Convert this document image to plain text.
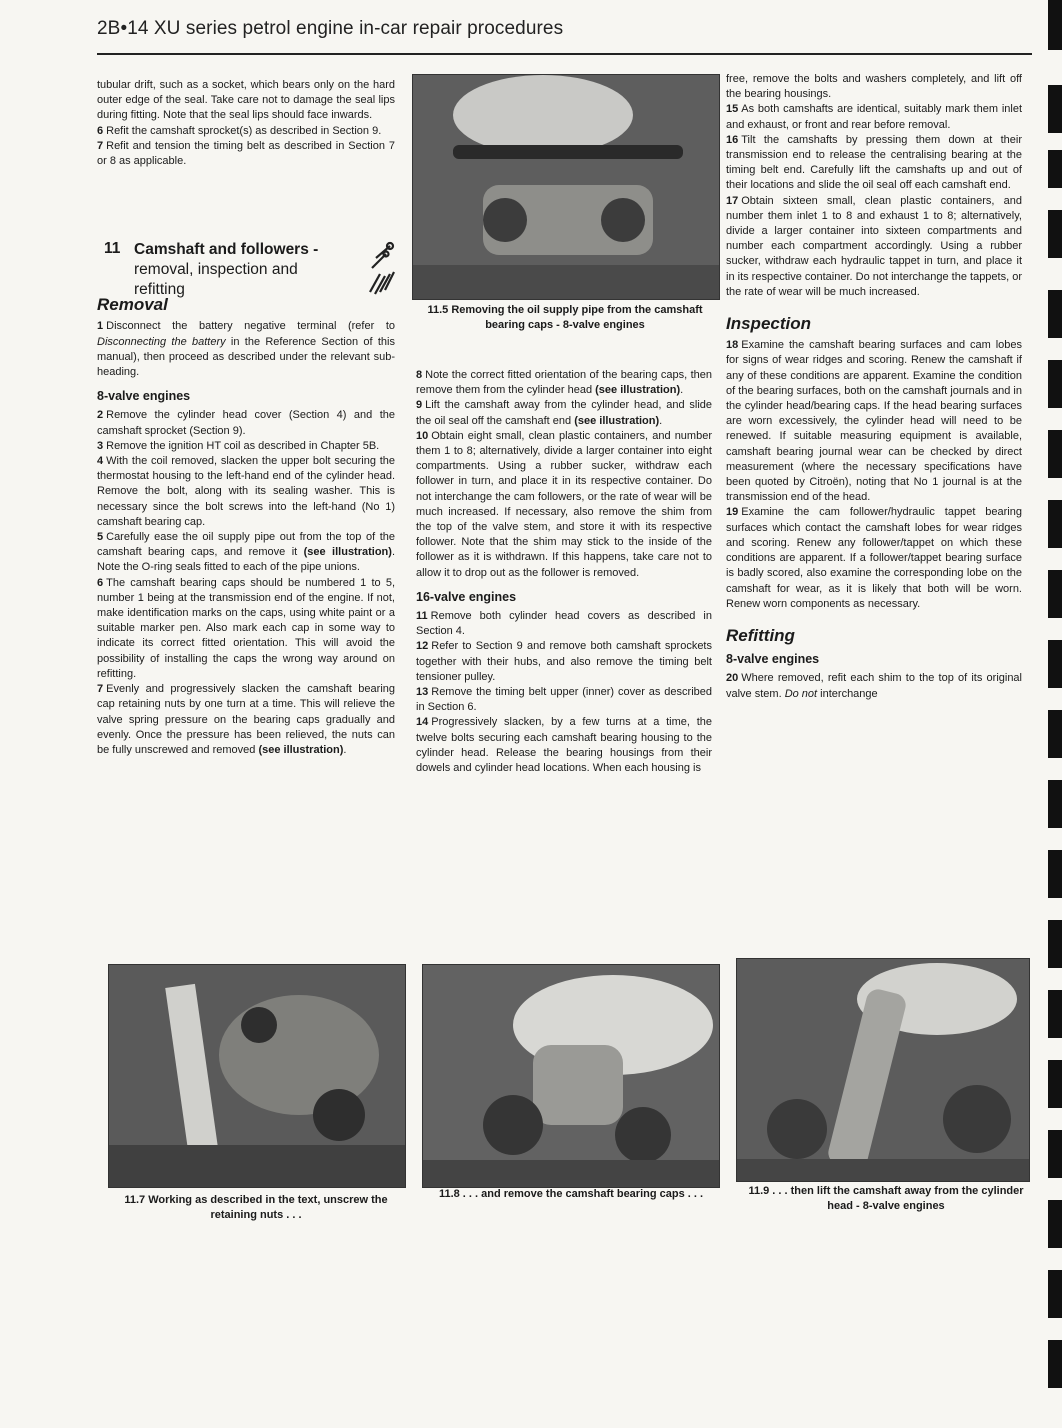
2B•14 XU series petrol engine in-car repair procedures

tubular drift, such as a socket, which bears only on the hard outer edge of the seal. Take care not to damage the seal lips during fitting. Note that the seal lips should face inwards.

6 Refit the camshaft sprocket(s) as described in Section 9.

7 Refit and tension the timing belt as described in Section 7 or 8 as applicable.

Removal

1 Disconnect the battery negative terminal (refer to Disconnecting the battery in the Reference Section of this manual), then proceed as described under the relevant sub-heading.

8-valve engines

2 Remove the cylinder head cover (Section 4) and the camshaft sprocket (Section 9).

3 Remove the ignition HT coil as described in Chapter 5B.

4 With the coil removed, slacken the upper bolt securing the thermostat housing to the left-hand end of the cylinder head. Remove the bolt, along with its sealing washer. This is necessary since the bolt screws into the left-hand (No 1) camshaft bearing cap.

5 Carefully ease the oil supply pipe out from the top of the camshaft bearing caps, and remove it (see illustration). Note the O-ring seals fitted to each of the pipe unions.

6 The camshaft bearing caps should be numbered 1 to 5, number 1 being at the transmission end of the engine. If not, make identification marks on the caps, using white paint or a suitable marker pen. Also mark each cap in some way to indicate its correct fitted orientation. This will avoid the possibility of installing the caps the wrong way around on refitting.

7 Evenly and progressively slacken the camshaft bearing cap retaining nuts by one turn at a time. This will relieve the valve spring pressure on the bearing caps gradually and evenly. Once the pressure has been relieved, the nuts can be fully unscrewed and removed (see illustration).

11 Camshaft and followers -
removal, inspection and
refitting

8 Note the correct fitted orientation of the bearing caps, then remove them from the cylinder head (see illustration).

9 Lift the camshaft away from the cylinder head, and slide the oil seal off the camshaft end (see illustration).

10 Obtain eight small, clean plastic containers, and number them 1 to 8; alternatively, divide a larger container into eight compartments. Using a rubber sucker, withdraw each follower in turn, and place it in its respective container. Do not interchange the cam followers, or the rate of wear will be much increased. If necessary, also remove the shim from the top of the valve stem, and store it with its respective follower. Note that the shim may stick to the inside of the follower as it is withdrawn. If this happens, take care not to allow it to drop out as the follower is removed.

16-valve engines

11 Remove both cylinder head covers as described in Section 4.

12 Refer to Section 9 and remove both camshaft sprockets together with their hubs, and also remove the timing belt tensioner pulley.

13 Remove the timing belt upper (inner) cover as described in Section 6.

14 Progressively slacken, by a few turns at a time, the twelve bolts securing each camshaft bearing housing to the cylinder head. Release the bearing housings from their dowels and cylinder head locations. When each housing is

free, remove the bolts and washers completely, and lift off the bearing housings.

15 As both camshafts are identical, suitably mark them inlet and exhaust, or front and rear before removal.

16 Tilt the camshafts by pressing them down at their transmission end to release the centralising bearing at the timing belt end. Carefully lift the camshafts up and out of their locations and slide the oil seal off each camshaft end.

17 Obtain sixteen small, clean plastic containers, and number them inlet 1 to 8 and exhaust 1 to 8; alternatively, divide a larger container into sixteen compartments and number each compartment accordingly. Using a rubber sucker, withdraw each hydraulic tappet in turn, and place it in its respective container. Do not interchange the tappets, or the rate of wear will be much increased.

Inspection

18 Examine the camshaft bearing surfaces and cam lobes for signs of wear ridges and scoring. Renew the camshaft if any of these conditions are apparent. Examine the condition of the bearing surfaces, both on the camshaft journals and in the cylinder head/bearing caps. If the head bearing surfaces are worn excessively, the cylinder head will need to be renewed. If suitable measuring equipment is available, camshaft bearing journal wear can be checked by direct measurement (where the necessary specifications have been quoted by Citroën), noting that No 1 journal is at the transmission end of the head.

19 Examine the cam follower/hydraulic tappet bearing surfaces which contact the camshaft lobes for wear ridges and scoring. Renew any follower/tappet on which these conditions are apparent. If a follower/tappet bearing surface is badly scored, also examine the corresponding lobe on the camshaft for wear, as it is likely that both will be worn. Renew worn components as necessary.

Refitting
8-valve engines

20 Where removed, refit each shim to the top of its original valve stem. Do not interchange

11.5 Removing the oil supply pipe from the camshaft bearing caps - 8-valve engines
11.7 Working as described in the text, unscrew the retaining nuts . . .
11.8 . . . and remove the camshaft bearing caps . . .	11.9 . . . then lift the camshaft away from the cylinder head - 8-valve engines
